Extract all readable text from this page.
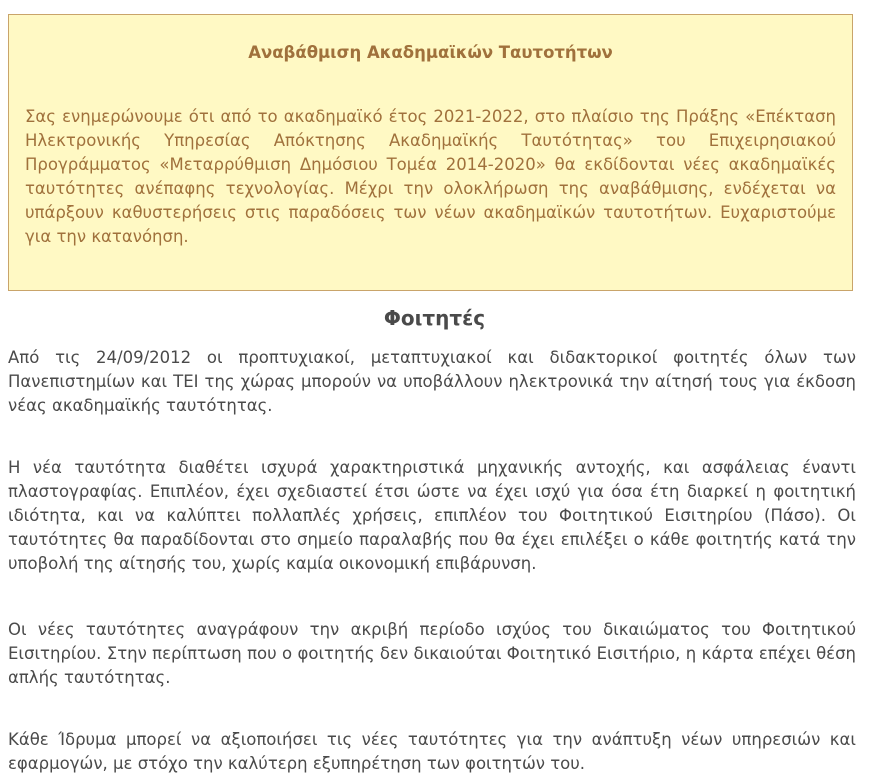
Αναβάθμιση Ακαδημαϊκών Ταυτοτήτων

Σας ενημερώνουμε ότι από το ακαδημαϊκό έτος 2021-2022, στο πλαίσιο της Πράξης «Επέκταση Ηλεκτρονικής Υπηρεσίας Απόκτησης Ακαδημαϊκής Ταυτότητας» του Επιχειρησιακού Προγράμματος «Μεταρρύθμιση Δημόσιου Τομέα 2014-2020» θα εκδίδονται νέες ακαδημαϊκές ταυτότητες ανέπαφης τεχνολογίας. Μέχρι την ολοκλήρωση της αναβάθμισης, ενδέχεται να υπάρξουν καθυστερήσεις στις παραδόσεις των νέων ακαδημαϊκών ταυτοτήτων. Ευχαριστούμε για την κατανόηση.

Φοιτητές

Από τις 24/09/2012 οι προπτυχιακοί, μεταπτυχιακοί και διδακτορικοί φοιτητές όλων των Πανεπιστημίων και ΤΕΙ της χώρας μπορούν να υποβάλλουν ηλεκτρονικά την αίτησή τους για έκδοση νέας ακαδημαϊκής ταυτότητας.

Η νέα ταυτότητα διαθέτει ισχυρά χαρακτηριστικά μηχανικής αντοχής, και ασφάλειας έναντι πλαστογραφίας. Επιπλέον, έχει σχεδιαστεί έτσι ώστε να έχει ισχύ για όσα έτη διαρκεί η φοιτητική ιδιότητα, και να καλύπτει πολλαπλές χρήσεις, επιπλέον του Φοιτητικού Εισιτηρίου (Πάσο). Οι ταυτότητες θα παραδίδονται στο σημείο παραλαβής που θα έχει επιλέξει ο κάθε φοιτητής κατά την υποβολή της αίτησής του, χωρίς καμία οικονομική επιβάρυνση.

Οι νέες ταυτότητες αναγράφουν την ακριβή περίοδο ισχύος του δικαιώματος του Φοιτητικού Εισιτηρίου. Στην περίπτωση που ο φοιτητής δεν δικαιούται Φοιτητικό Εισιτήριο, η κάρτα επέχει θέση απλής ταυτότητας.

Κάθε Ίδρυμα μπορεί να αξιοποιήσει τις νέες ταυτότητες για την ανάπτυξη νέων υπηρεσιών και εφαρμογών, με στόχο την καλύτερη εξυπηρέτηση των φοιτητών του.
